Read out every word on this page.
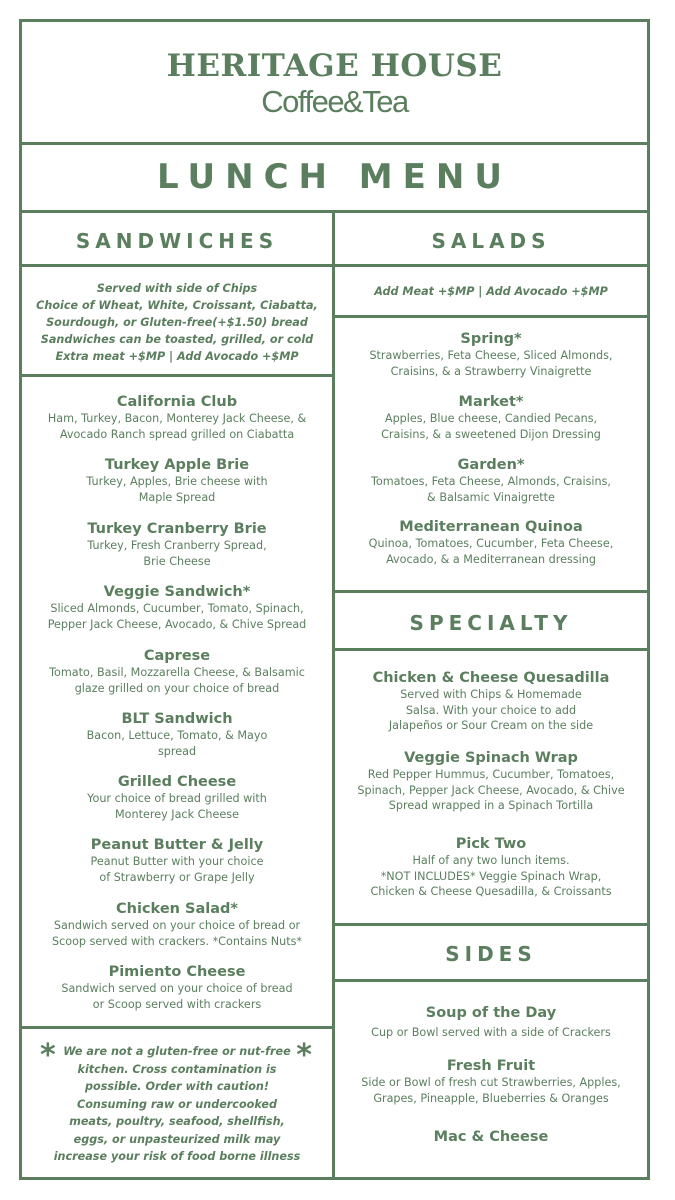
HERITAGE HOUSE
Coffee&Tea
LUNCH MENU
SANDWICHES	SALADS
Served with side of Chips
Choice of Wheat, White, Croissant, Ciabatta,
Sourdough, or Gluten-free(+$1.50) bread
Sandwiches can be toasted, grilled, or cold
Extra meat +$MP | Add Avocado +$MP
California Club
Ham, Turkey, Bacon, Monterey Jack Cheese, &
Avocado Ranch spread grilled on Ciabatta
Turkey Apple Brie
Turkey, Apples, Brie cheese with
Maple Spread
Turkey Cranberry Brie
Turkey, Fresh Cranberry Spread,
Brie Cheese
Veggie Sandwich*
Sliced Almonds, Cucumber, Tomato, Spinach,
Pepper Jack Cheese, Avocado, & Chive Spread
Caprese
Tomato, Basil, Mozzarella Cheese, & Balsamic
glaze grilled on your choice of bread
BLT Sandwich
Bacon, Lettuce, Tomato, & Mayo
spread
Grilled Cheese
Your choice of bread grilled with
Monterey Jack Cheese
Peanut Butter & Jelly
Peanut Butter with your choice
of Strawberry or Grape Jelly
Chicken Salad*
Sandwich served on your choice of bread or
Scoop served with crackers. *Contains Nuts*
Pimiento Cheese
Sandwich served on your choice of bread
or Scoop served with crackers
*	*
We are not a gluten-free or nut-free
kitchen. Cross contamination is
possible. Order with caution!
Consuming raw or undercooked
meats, poultry, seafood, shellfish,
eggs, or unpasteurized milk may
increase your risk of food borne illness
Add Meat +$MP | Add Avocado +$MP
Spring*
Strawberries, Feta Cheese, Sliced Almonds,
Craisins, & a Strawberry Vinaigrette
Market*
Apples, Blue cheese, Candied Pecans,
Craisins, & a sweetened Dijon Dressing
Garden*
Tomatoes, Feta Cheese, Almonds, Craisins,
& Balsamic Vinaigrette
Mediterranean Quinoa
Quinoa, Tomatoes, Cucumber, Feta Cheese,
Avocado, & a Mediterranean dressing
SPECIALTY
Chicken & Cheese Quesadilla
Served with Chips & Homemade
Salsa. With your choice to add
Jalapeños or Sour Cream on the side
Veggie Spinach Wrap
Red Pepper Hummus, Cucumber, Tomatoes,
Spinach, Pepper Jack Cheese, Avocado, & Chive
Spread wrapped in a Spinach Tortilla
Pick Two
Half of any two lunch items.
*NOT INCLUDES* Veggie Spinach Wrap,
Chicken & Cheese Quesadilla, & Croissants
SIDES
Soup of the Day
Cup or Bowl served with a side of Crackers
Fresh Fruit
Side or Bowl of fresh cut Strawberries, Apples,
Grapes, Pineapple, Blueberries & Oranges
Mac & Cheese
